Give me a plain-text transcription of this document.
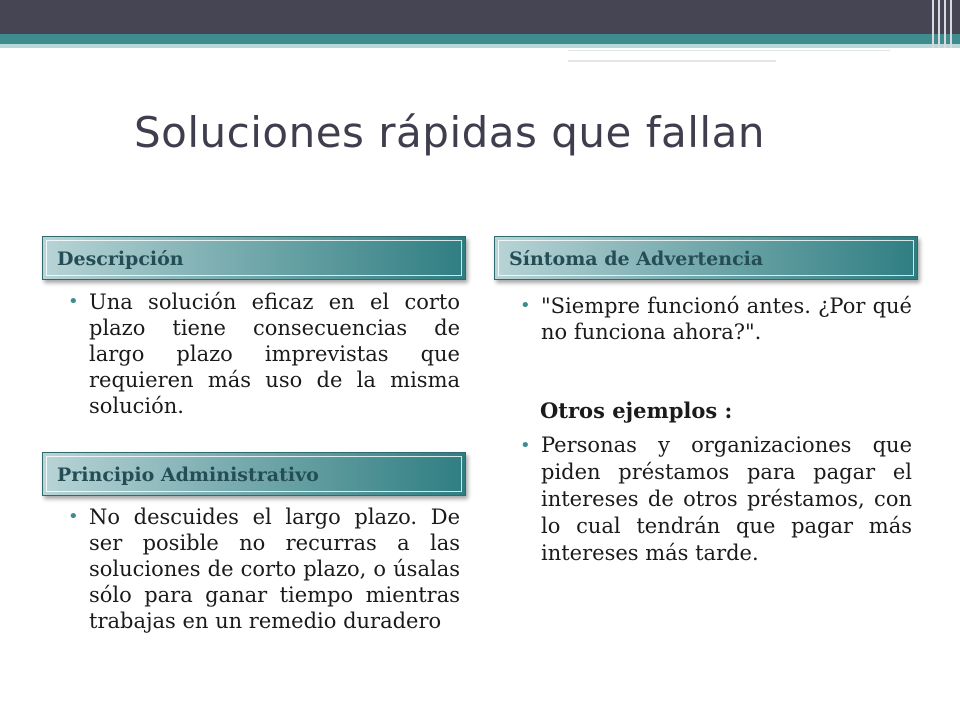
Soluciones rápidas que fallan
Descripción
• Una solución eficaz en el corto plazo tiene consecuencias de largo plazo imprevistas que requieren más uso de la misma solución.
Principio Administrativo
• No descuides el largo plazo. De ser posible no recurras a las soluciones de corto plazo, o úsalas sólo para ganar tiempo mientras trabajas en un remedio duradero
Síntoma de Advertencia
• "Siempre funcionó antes. ¿Por qué no funciona ahora?".
Otros ejemplos :
• Personas y organizaciones que piden préstamos para pagar el intereses de otros préstamos, con lo cual tendrán que pagar más intereses más tarde.
